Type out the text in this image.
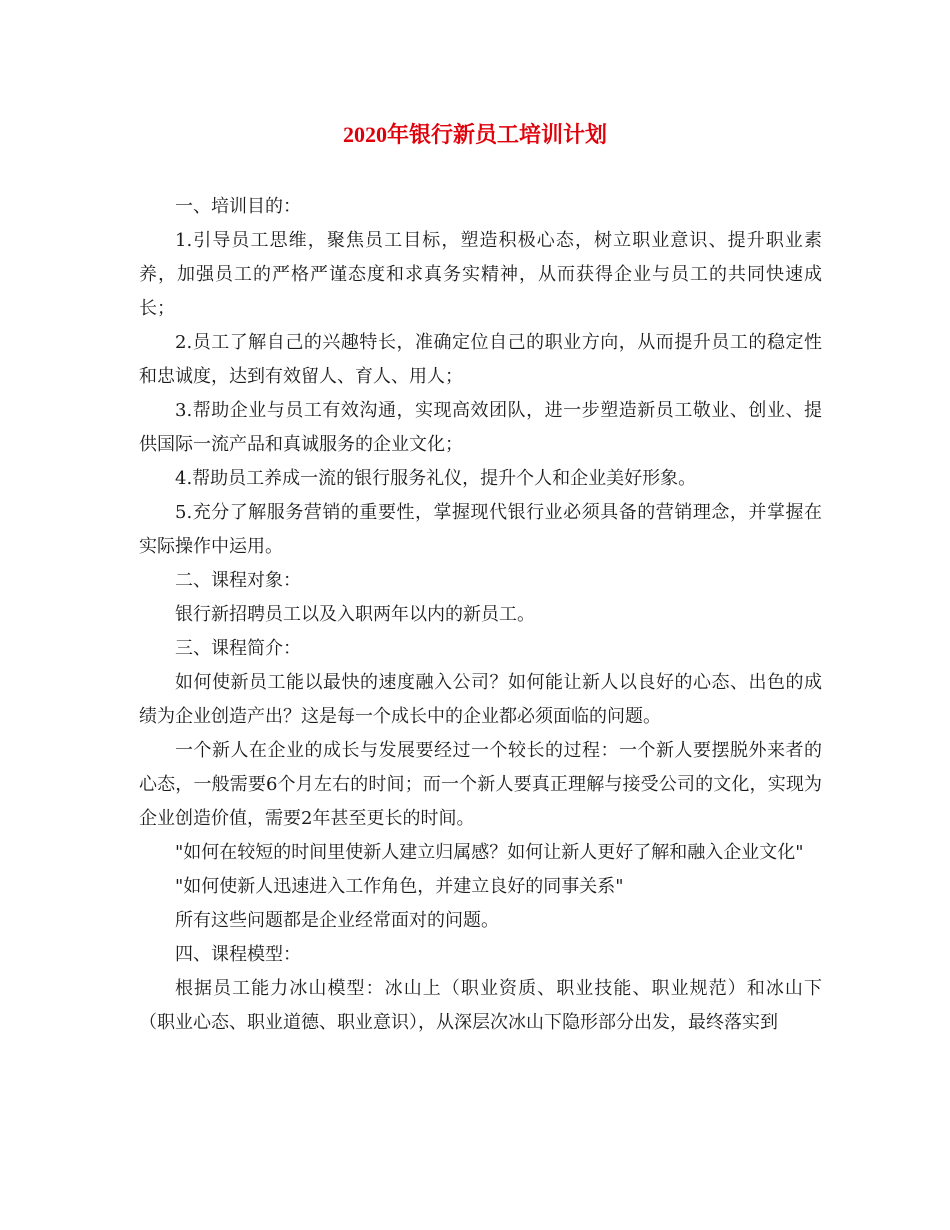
2020年银行新员工培训计划

一、培训目的：

1.引导员工思维，聚焦员工目标，塑造积极心态，树立职业意识、提升职业素养，加强员工的严格严谨态度和求真务实精神，从而获得企业与员工的共同快速成长；

2.员工了解自己的兴趣特长，准确定位自己的职业方向，从而提升员工的稳定性和忠诚度，达到有效留人、育人、用人；

3.帮助企业与员工有效沟通，实现高效团队，进一步塑造新员工敬业、创业、提供国际一流产品和真诚服务的企业文化；

4.帮助员工养成一流的银行服务礼仪，提升个人和企业美好形象。

5.充分了解服务营销的重要性，掌握现代银行业必须具备的营销理念，并掌握在实际操作中运用。

二、课程对象：

银行新招聘员工以及入职两年以内的新员工。

三、课程简介：

如何使新员工能以最快的速度融入公司？如何能让新人以良好的心态、出色的成绩为企业创造产出？这是每一个成长中的企业都必须面临的问题。

一个新人在企业的成长与发展要经过一个较长的过程：一个新人要摆脱外来者的心态，一般需要6个月左右的时间；而一个新人要真正理解与接受公司的文化，实现为企业创造价值，需要2年甚至更长的时间。

"如何在较短的时间里使新人建立归属感？如何让新人更好了解和融入企业文化"

"如何使新人迅速进入工作角色，并建立良好的同事关系"

所有这些问题都是企业经常面对的问题。

四、课程模型：

根据员工能力冰山模型：冰山上（职业资质、职业技能、职业规范）和冰山下（职业心态、职业道德、职业意识），从深层次冰山下隐形部分出发，最终落实到
